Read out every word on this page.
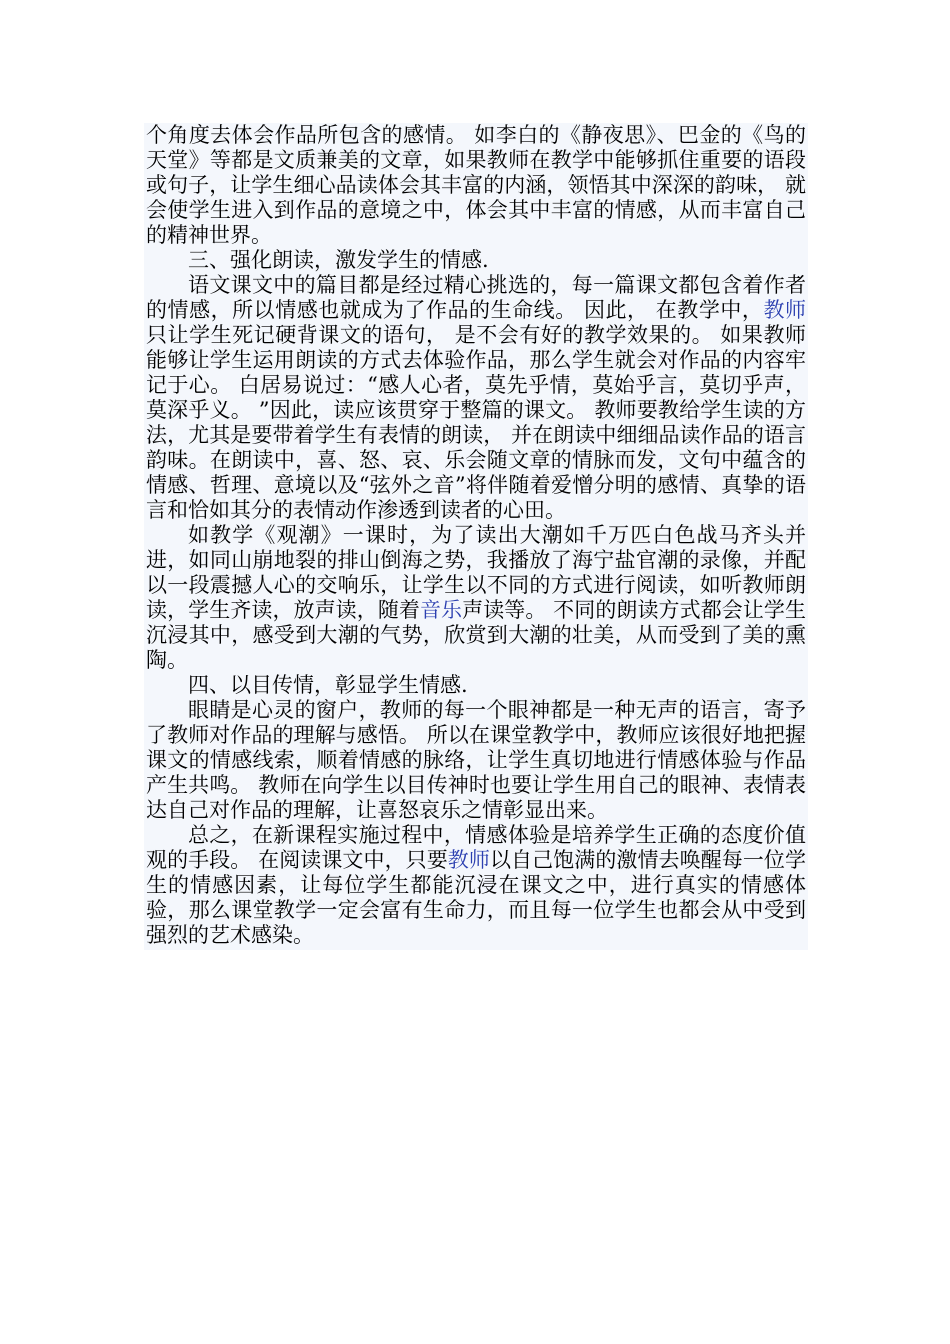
个角度去体会作品所包含的感情。 如李白的《静夜思》、巴金的《鸟的天堂》等都是文质兼美的文章，如果教师在教学中能够抓住重要的语段或句子，让学生细心品读体会其丰富的内涵，领悟其中深深的韵味， 就会使学生进入到作品的意境之中，体会其中丰富的情感，从而丰富自己的精神世界。

三、强化朗读，激发学生的情感.

语文课文中的篇目都是经过精心挑选的，每一篇课文都包含着作者的情感，所以情感也就成为了作品的生命线。 因此， 在教学中，教师只让学生死记硬背课文的语句， 是不会有好的教学效果的。 如果教师能够让学生运用朗读的方式去体验作品，那么学生就会对作品的内容牢记于心。 白居易说过：“感人心者，莫先乎情，莫始乎言，莫切乎声，莫深乎义。 ”因此，读应该贯穿于整篇的课文。 教师要教给学生读的方法，尤其是要带着学生有表情的朗读， 并在朗读中细细品读作品的语言韵味。在朗读中，喜、怒、哀、乐会随文章的情脉而发，文句中蕴含的情感、哲理、意境以及“弦外之音”将伴随着爱憎分明的感情、真挚的语言和恰如其分的表情动作渗透到读者的心田。

如教学《观潮》一课时，为了读出大潮如千万匹白色战马齐头并进，如同山崩地裂的排山倒海之势，我播放了海宁盐官潮的录像，并配以一段震撼人心的交响乐，让学生以不同的方式进行阅读，如听教师朗读，学生齐读，放声读，随着音乐声读等。 不同的朗读方式都会让学生沉浸其中，感受到大潮的气势，欣赏到大潮的壮美，从而受到了美的熏陶。

四、以目传情，彰显学生情感.

眼睛是心灵的窗户，教师的每一个眼神都是一种无声的语言，寄予了教师对作品的理解与感悟。 所以在课堂教学中，教师应该很好地把握课文的情感线索，顺着情感的脉络，让学生真切地进行情感体验与作品产生共鸣。 教师在向学生以目传神时也要让学生用自己的眼神、表情表达自己对作品的理解，让喜怒哀乐之情彰显出来。

总之，在新课程实施过程中，情感体验是培养学生正确的态度价值观的手段。 在阅读课文中，只要教师以自己饱满的激情去唤醒每一位学生的情感因素，让每位学生都能沉浸在课文之中，进行真实的情感体验，那么课堂教学一定会富有生命力，而且每一位学生也都会从中受到强烈的艺术感染。
